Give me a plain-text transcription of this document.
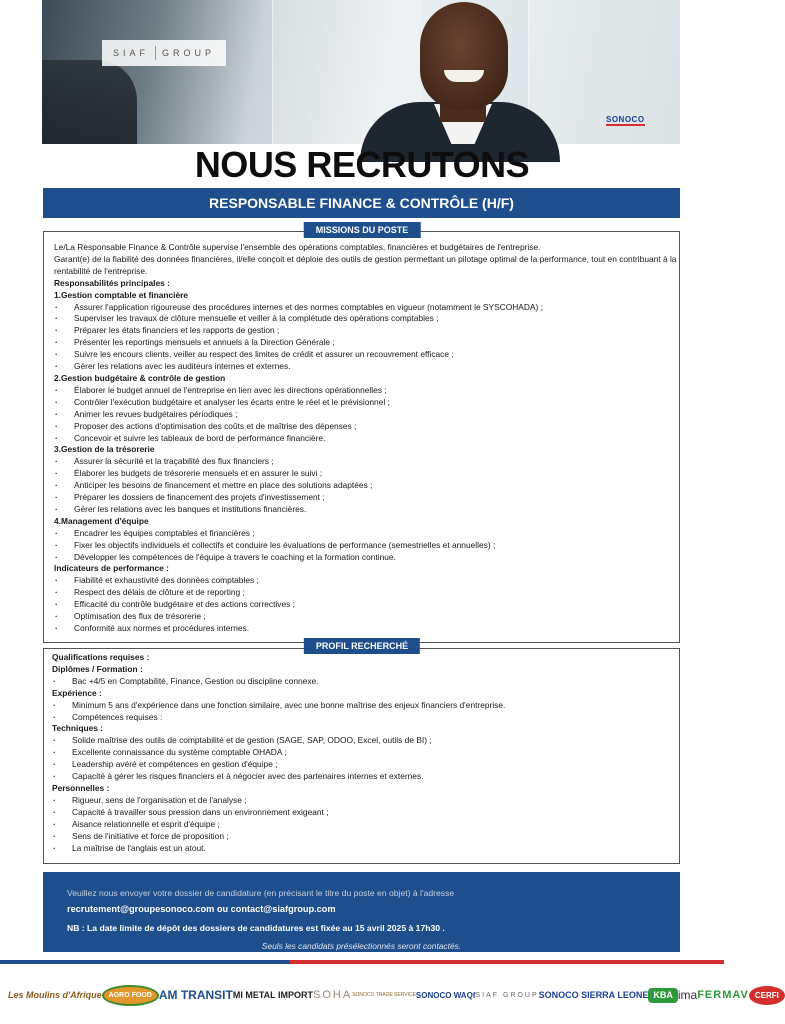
SIAF GROUP
SONOCO
NOUS RECRUTONS
RESPONSABLE FINANCE & CONTRÔLE (H/F)
MISSIONS DU POSTE
Le/La Responsable Finance & Contrôle supervise l'ensemble des opérations comptables, financières et budgétaires de l'entreprise.
Garant(e) de la fiabilité des données financières, il/elle conçoit et déploie des outils de gestion permettant un pilotage optimal de la performance, tout en contribuant à la rentabilité de l'entreprise.
Responsabilités principales :
1.Gestion comptable et financière
· Assurer l'application rigoureuse des procédures internes et des normes comptables en vigueur (notamment le SYSCOHADA) ;
· Superviser les travaux de clôture mensuelle et veiller à la complétude des opérations comptables ;
· Préparer les états financiers et les rapports de gestion ;
· Présenter les reportings mensuels et annuels à la Direction Générale ;
· Suivre les encours clients, veiller au respect des limites de crédit et assurer un recouvrement efficace ;
· Gérer les relations avec les auditeurs internes et externes.
2.Gestion budgétaire & contrôle de gestion
· Élaborer le budget annuel de l'entreprise en lien avec les directions opérationnelles ;
· Contrôler l'exécution budgétaire et analyser les écarts entre le réel et le prévisionnel ;
· Animer les revues budgétaires périodiques ;
· Proposer des actions d'optimisation des coûts et de maîtrise des dépenses ;
· Concevoir et suivre les tableaux de bord de performance financière.
3.Gestion de la trésorerie
· Assurer la sécurité et la traçabilité des flux financiers ;
· Élaborer les budgets de trésorerie mensuels et en assurer le suivi ;
· Anticiper les besoins de financement et mettre en place des solutions adaptées ;
· Préparer les dossiers de financement des projets d'investissement ;
· Gérer les relations avec les banques et institutions financières.
4.Management d'équipe
· Encadrer les équipes comptables et financières ;
· Fixer les objectifs individuels et collectifs et conduire les évaluations de performance (semestrielles et annuelles) ;
· Développer les compétences de l'équipe à travers le coaching et la formation continue.
Indicateurs de performance :
· Fiabilité et exhaustivité des données comptables ;
· Respect des délais de clôture et de reporting ;
· Efficacité du contrôle budgétaire et des actions correctives ;
· Optimisation des flux de trésorerie ;
· Conformité aux normes et procédures internes.
PROFIL RECHERCHÉ
Qualifications requises :
Diplômes / Formation :
· Bac +4/5 en Comptabilité, Finance, Gestion ou discipline connexe.
Expérience :
· Minimum 5 ans d'expérience dans une fonction similaire, avec une bonne maîtrise des enjeux financiers d'entreprise.
· Compétences requises :
Techniques :
· Solide maîtrise des outils de comptabilité et de gestion (SAGE, SAP, ODOO, Excel, outils de BI) ;
· Excellente connaissance du système comptable OHADA ;
· Leadership avéré et compétences en gestion d'équipe ;
· Capacité à gérer les risques financiers et à négocier avec des partenaires internes et externes.
Personnelles :
· Rigueur, sens de l'organisation et de l'analyse ;
· Capacité à travailler sous pression dans un environnement exigeant ;
· Aisance relationnelle et esprit d'équipe ;
· Sens de l'initiative et force de proposition ;
· La maîtrise de l'anglais est un atout.
Veuillez nous envoyer votre dossier de candidature (en précisant le titre du poste en objet) à l'adresse
recrutement@groupesonoco.com ou contact@siafgroup.com
NB : La date limite de dépôt des dossiers de candidatures est fixée au 15 avril 2025 à 17h30 .
Seuls les candidats présélectionnés seront contactés.
Les Moulins d'Afrique	AGRO FOOD AM TRANSIT MI METAL IMPORT SOHA SONOCO TRADE SERVICE SONOCO WAQf SIAF GROUP SONOCO SIERRA LEONE KBA ima FERMAV CERFI
